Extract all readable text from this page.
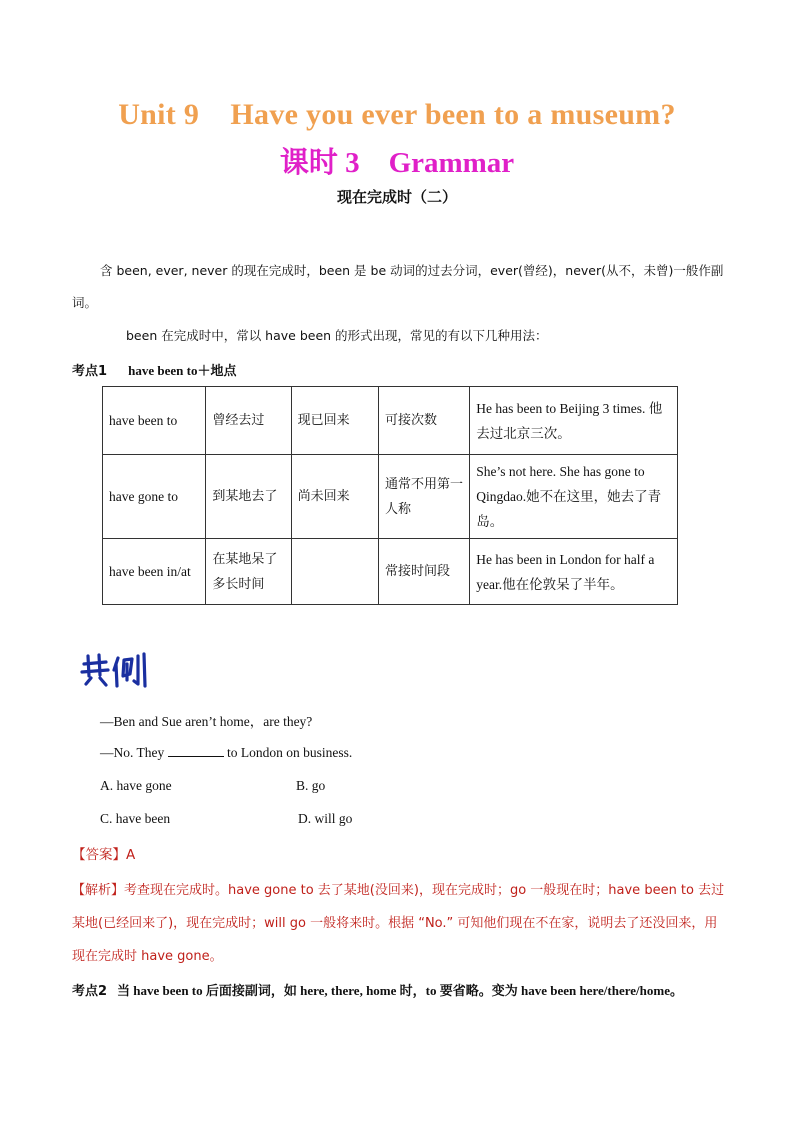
Unit 9    Have you ever been to a museum?
课时 3    Grammar
现在完成时（二）
含 been, ever, never 的现在完成时，been 是 be 动词的过去分词，ever(曾经)，never(从不，未曾)一般作副词。
been 在完成时中，常以 have been 的形式出现，常见的有以下几种用法：
考点1 have been to＋地点
have been to	曾经去过	现已回来	可接次数	He has been to Beijing 3 times. 他去过北京三次。
have gone to	到某地去了	尚未回来	通常不用第一人称	She’s not here. She has gone to Qingdao.她不在这里，她去了青岛。
have been in/at	在某地呆了多长时间		常接时间段	He has been in London for half a year.他在伦敦呆了半年。
—Ben and Sue aren’t home，are they?
—No. They	to London on business.
A. have gone	B. go
C. have been	D. will go
【答案】A
【解析】考查现在完成时。have gone to 去了某地(没回来)，现在完成时；go 一般现在时；have been to 去过某地(已经回来了)，现在完成时；will go 一般将来时。根据 “No.” 可知他们现在不在家，说明去了还没回来，用现在完成时 have gone。
考点2 当 have been to 后面接副词，如 here, there, home 时，to 要省略。变为 have been here/there/home。
